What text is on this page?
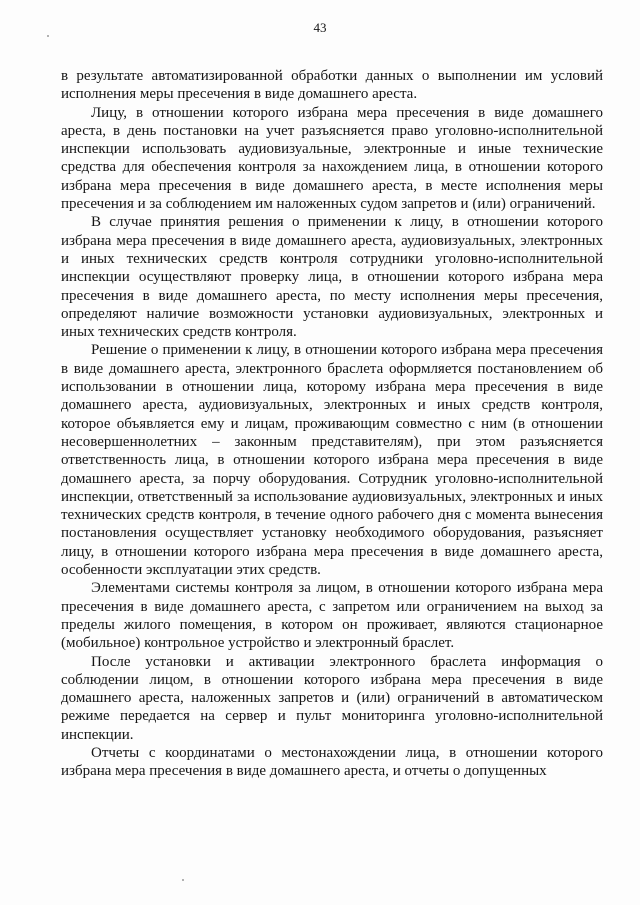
43

в результате автоматизированной обработки данных о выполнении им условий исполнения меры пресечения в виде домашнего ареста.

Лицу, в отношении которого избрана мера пресечения в виде домашнего ареста, в день постановки на учет разъясняется право уголовно-исполнительной инспекции использовать аудиовизуальные, электронные и иные технические средства для обеспечения контроля за нахождением лица, в отношении которого избрана мера пресечения в виде домашнего ареста, в месте исполнения меры пресечения и за соблюдением им наложенных судом запретов и (или) ограничений.

В случае принятия решения о применении к лицу, в отношении которого избрана мера пресечения в виде домашнего ареста, аудиовизуальных, электронных и иных технических средств контроля сотрудники уголовно-исполнительной инспекции осуществляют проверку лица, в отношении которого избрана мера пресечения в виде домашнего ареста, по месту исполнения меры пресечения, определяют наличие возможности установки аудиовизуальных, электронных и иных технических средств контроля.

Решение о применении к лицу, в отношении которого избрана мера пресечения в виде домашнего ареста, электронного браслета оформляется постановлением об использовании в отношении лица, которому избрана мера пресечения в виде домашнего ареста, аудиовизуальных, электронных и иных средств контроля, которое объявляется ему и лицам, проживающим совместно с ним (в отношении несовершеннолетних – законным представителям), при этом разъясняется ответственность лица, в отношении которого избрана мера пресечения в виде домашнего ареста, за порчу оборудования. Сотрудник уголовно-исполнительной инспекции, ответственный за использование аудиовизуальных, электронных и иных технических средств контроля, в течение одного рабочего дня с момента вынесения постановления осуществляет установку необходимого оборудования, разъясняет лицу, в отношении которого избрана мера пресечения в виде домашнего ареста, особенности эксплуатации этих средств.

Элементами системы контроля за лицом, в отношении которого избрана мера пресечения в виде домашнего ареста, с запретом или ограничением на выход за пределы жилого помещения, в котором он проживает, являются стационарное (мобильное) контрольное устройство и электронный браслет.

После установки и активации электронного браслета информация о соблюдении лицом, в отношении которого избрана мера пресечения в виде домашнего ареста, наложенных запретов и (или) ограничений в автоматическом режиме передается на сервер и пульт мониторинга уголовно-исполнительной инспекции.

Отчеты с координатами о местонахождении лица, в отношении которого избрана мера пресечения в виде домашнего ареста, и отчеты о допущенных
